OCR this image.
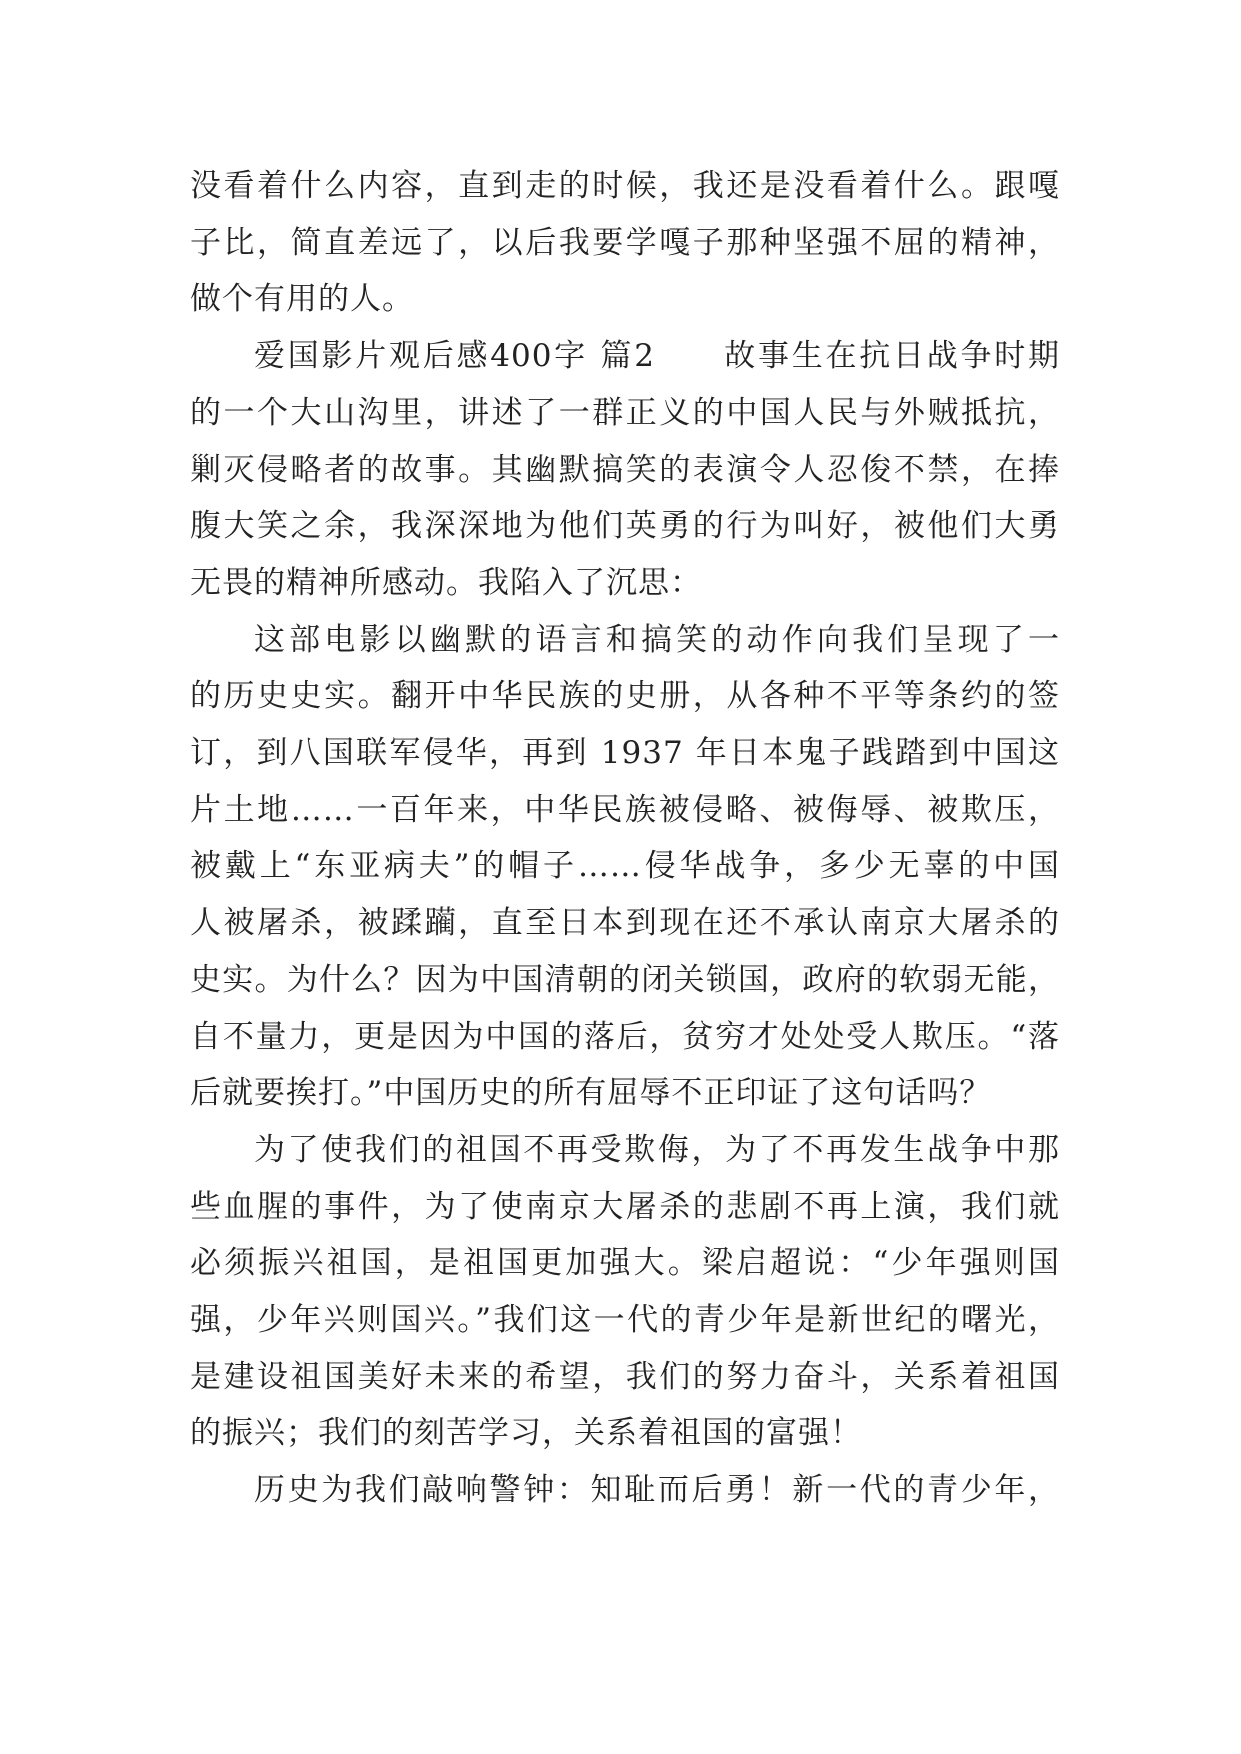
没看着什么内容，直到走的时候，我还是没看着什么。跟嘎
子比，简直差远了，以后我要学嘎子那种坚强不屈的精神，
做个有用的人。

爱国影片观后感400字 篇2　　故事生在抗日战争时期
的一个大山沟里，讲述了一群正义的中国人民与外贼抵抗，
剿灭侵略者的故事。其幽默搞笑的表演令人忍俊不禁，在捧
腹大笑之余，我深深地为他们英勇的行为叫好，被他们大勇
无畏的精神所感动。我陷入了沉思：

这部电影以幽默的语言和搞笑的动作向我们呈现了一
的历史史实。翻开中华民族的史册，从各种不平等条约的签
订，到八国联军侵华，再到 1937 年日本鬼子践踏到中国这
片土地……一百年来，中华民族被侵略、被侮辱、被欺压，
被戴上“东亚病夫”的帽子……侵华战争，多少无辜的中国
人被屠杀，被蹂躏，直至日本到现在还不承认南京大屠杀的
史实。为什么？因为中国清朝的闭关锁国，政府的软弱无能，
自不量力，更是因为中国的落后，贫穷才处处受人欺压。“落
后就要挨打。”中国历史的所有屈辱不正印证了这句话吗？

为了使我们的祖国不再受欺侮，为了不再发生战争中那
些血腥的事件，为了使南京大屠杀的悲剧不再上演，我们就
必须振兴祖国，是祖国更加强大。梁启超说：“少年强则国
强，少年兴则国兴。”我们这一代的青少年是新世纪的曙光，
是建设祖国美好未来的希望，我们的努力奋斗，关系着祖国
的振兴；我们的刻苦学习，关系着祖国的富强！

历史为我们敲响警钟：知耻而后勇！新一代的青少年，
